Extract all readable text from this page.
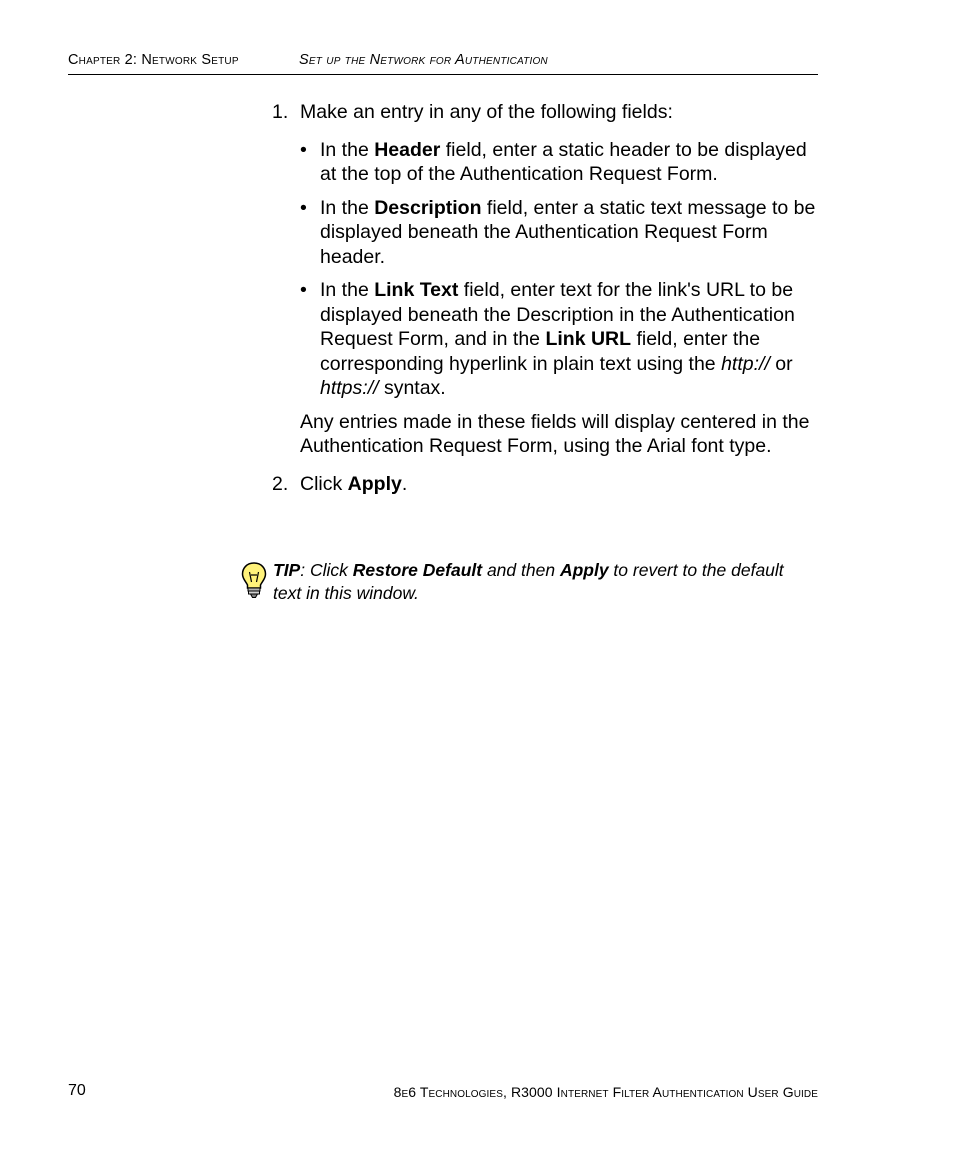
Chapter 2: Network Setup	Set up the Network for Authentication
1. Make an entry in any of the following fields:
• In the Header field, enter a static header to be displayed at the top of the Authentication Request Form.
• In the Description field, enter a static text message to be displayed beneath the Authentication Request Form header.
• In the Link Text field, enter text for the link's URL to be displayed beneath the Description in the Authentication Request Form, and in the Link URL field, enter the corresponding hyperlink in plain text using the http:// or https:// syntax.
Any entries made in these fields will display centered in the Authentication Request Form, using the Arial font type.
2. Click Apply.
TIP: Click Restore Default and then Apply to revert to the default text in this window.
70	8e6 Technologies, R3000 Internet Filter Authentication User Guide
